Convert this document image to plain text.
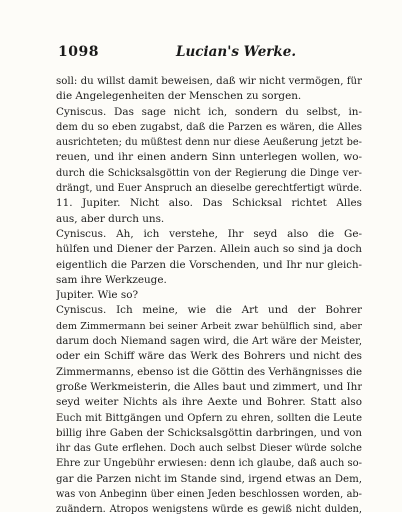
1098	Lucian's Werke.
soll: du willst damit beweisen, daß wir nicht vermögen, für
die Angelegenheiten der Menschen zu sorgen.
Cyniscus. Das sage nicht ich, sondern du selbst, in-
dem du so eben zugabst, daß die Parzen es wären, die Alles
ausrichteten; du müßtest denn nur diese Aeußerung jetzt be-
reuen, und ihr einen andern Sinn unterlegen wollen, wo-
durch die Schicksalsgöttin von der Regierung die Dinge ver-
drängt, und Euer Anspruch an dieselbe gerechtfertigt würde.
11. Jupiter. Nicht also. Das Schicksal richtet Alles
aus, aber durch uns.
Cyniscus. Ah, ich verstehe, Ihr seyd also die Ge-
hülfen und Diener der Parzen. Allein auch so sind ja doch
eigentlich die Parzen die Vorschenden, und Ihr nur gleich-
sam ihre Werkzeuge.
Jupiter. Wie so?
Cyniscus. Ich meine, wie die Art und der Bohrer
dem Zimmermann bei seiner Arbeit zwar behülflich sind, aber
darum doch Niemand sagen wird, die Art wäre der Meister,
oder ein Schiff wäre das Werk des Bohrers und nicht des
Zimmermanns, ebenso ist die Göttin des Verhängnisses die
große Werkmeisterin, die Alles baut und zimmert, und Ihr
seyd weiter Nichts als ihre Aexte und Bohrer. Statt also
Euch mit Bittgängen und Opfern zu ehren, sollten die Leute
billig ihre Gaben der Schicksalsgöttin darbringen, und von
ihr das Gute erflehen. Doch auch selbst Dieser würde solche
Ehre zur Ungebühr erwiesen: denn ich glaube, daß auch so-
gar die Parzen nicht im Stande sind, irgend etwas an Dem,
was von Anbeginn über einen Jeden beschlossen worden, ab-
zuändern. Atropos wenigstens würde es gewiß nicht dulden,
